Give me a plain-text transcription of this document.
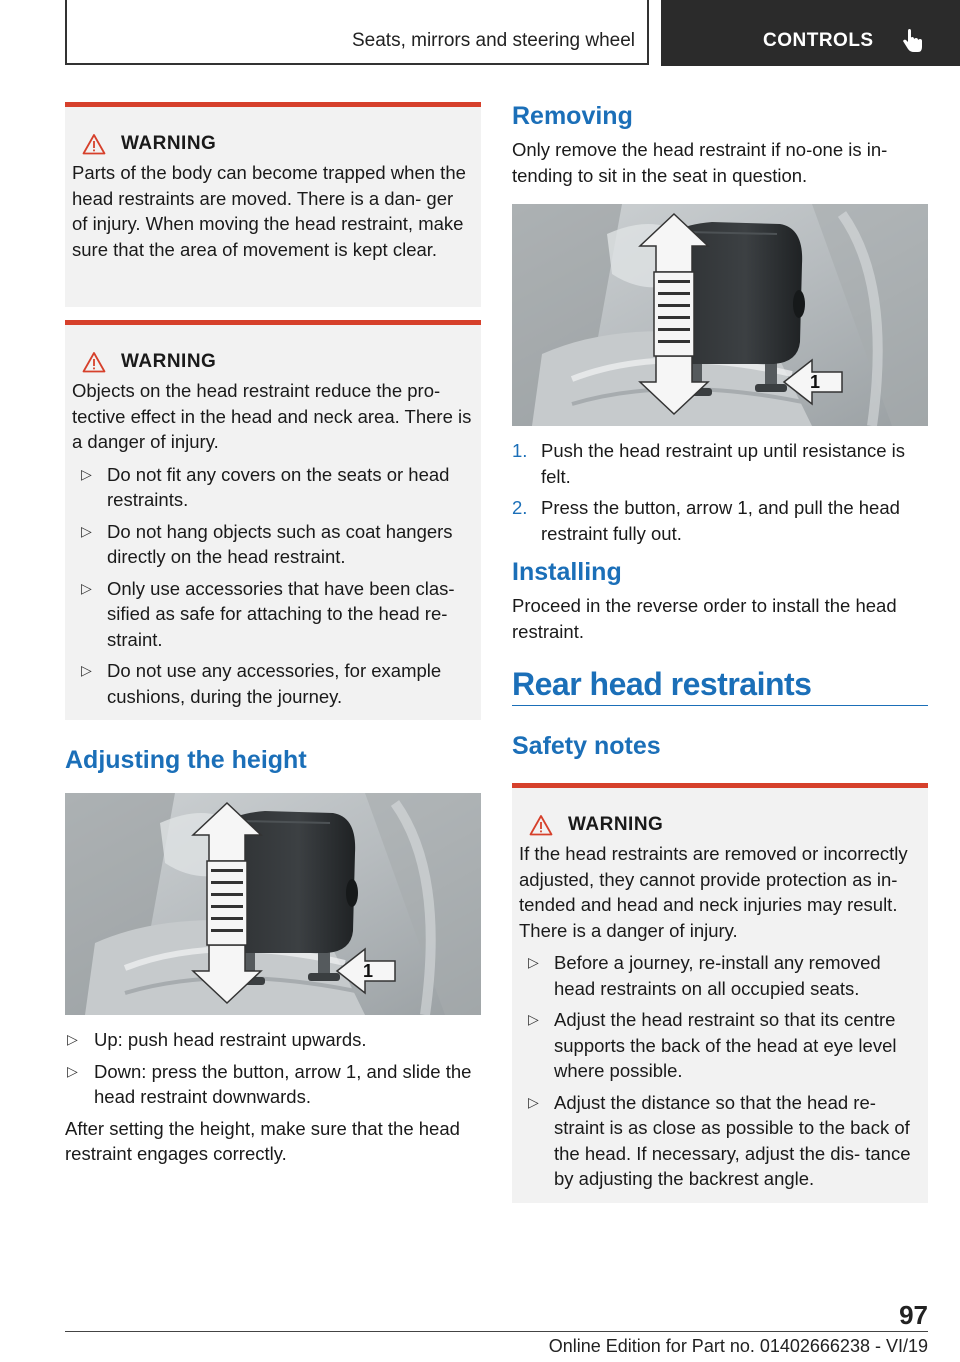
Seats, mirrors and steering wheel	CONTROLS
WARNING

Parts of the body can become trapped when the head restraints are moved. There is a dan‐ ger of injury. When moving the head restraint, make sure that the area of movement is kept clear.

WARNING

Objects on the head restraint reduce the pro‐ tective effect in the head and neck area. There is a danger of injury.

▷ Do not fit any covers on the seats or head restraints.
▷ Do not hang objects such as coat hangers directly on the head restraint.
▷ Only use accessories that have been clas‐ sified as safe for attaching to the head re‐ straint.
▷ Do not use any accessories, for example cushions, during the journey.
Adjusting the height
1
▷ Up: push head restraint upwards.
▷ Down: press the button, arrow 1, and slide the head restraint downwards.

After setting the height, make sure that the head restraint engages correctly.

Removing

Only remove the head restraint if no-one is in‐ tending to sit in the seat in question.

1
1. Push the head restraint up until resistance is felt.
2. Press the button, arrow 1, and pull the head restraint fully out.
Installing

Proceed in the reverse order to install the head restraint.

Rear head restraints
Safety notes
WARNING

If the head restraints are removed or incorrectly adjusted, they cannot provide protection as in‐ tended and head and neck injuries may result. There is a danger of injury.

▷ Before a journey, re-install any removed head restraints on all occupied seats.
▷ Adjust the head restraint so that its centre supports the back of the head at eye level where possible.
▷ Adjust the distance so that the head re‐ straint is as close as possible to the back of the head. If necessary, adjust the dis‐ tance by adjusting the backrest angle.
97
Online Edition for Part no. 01402666238 - VI/19
